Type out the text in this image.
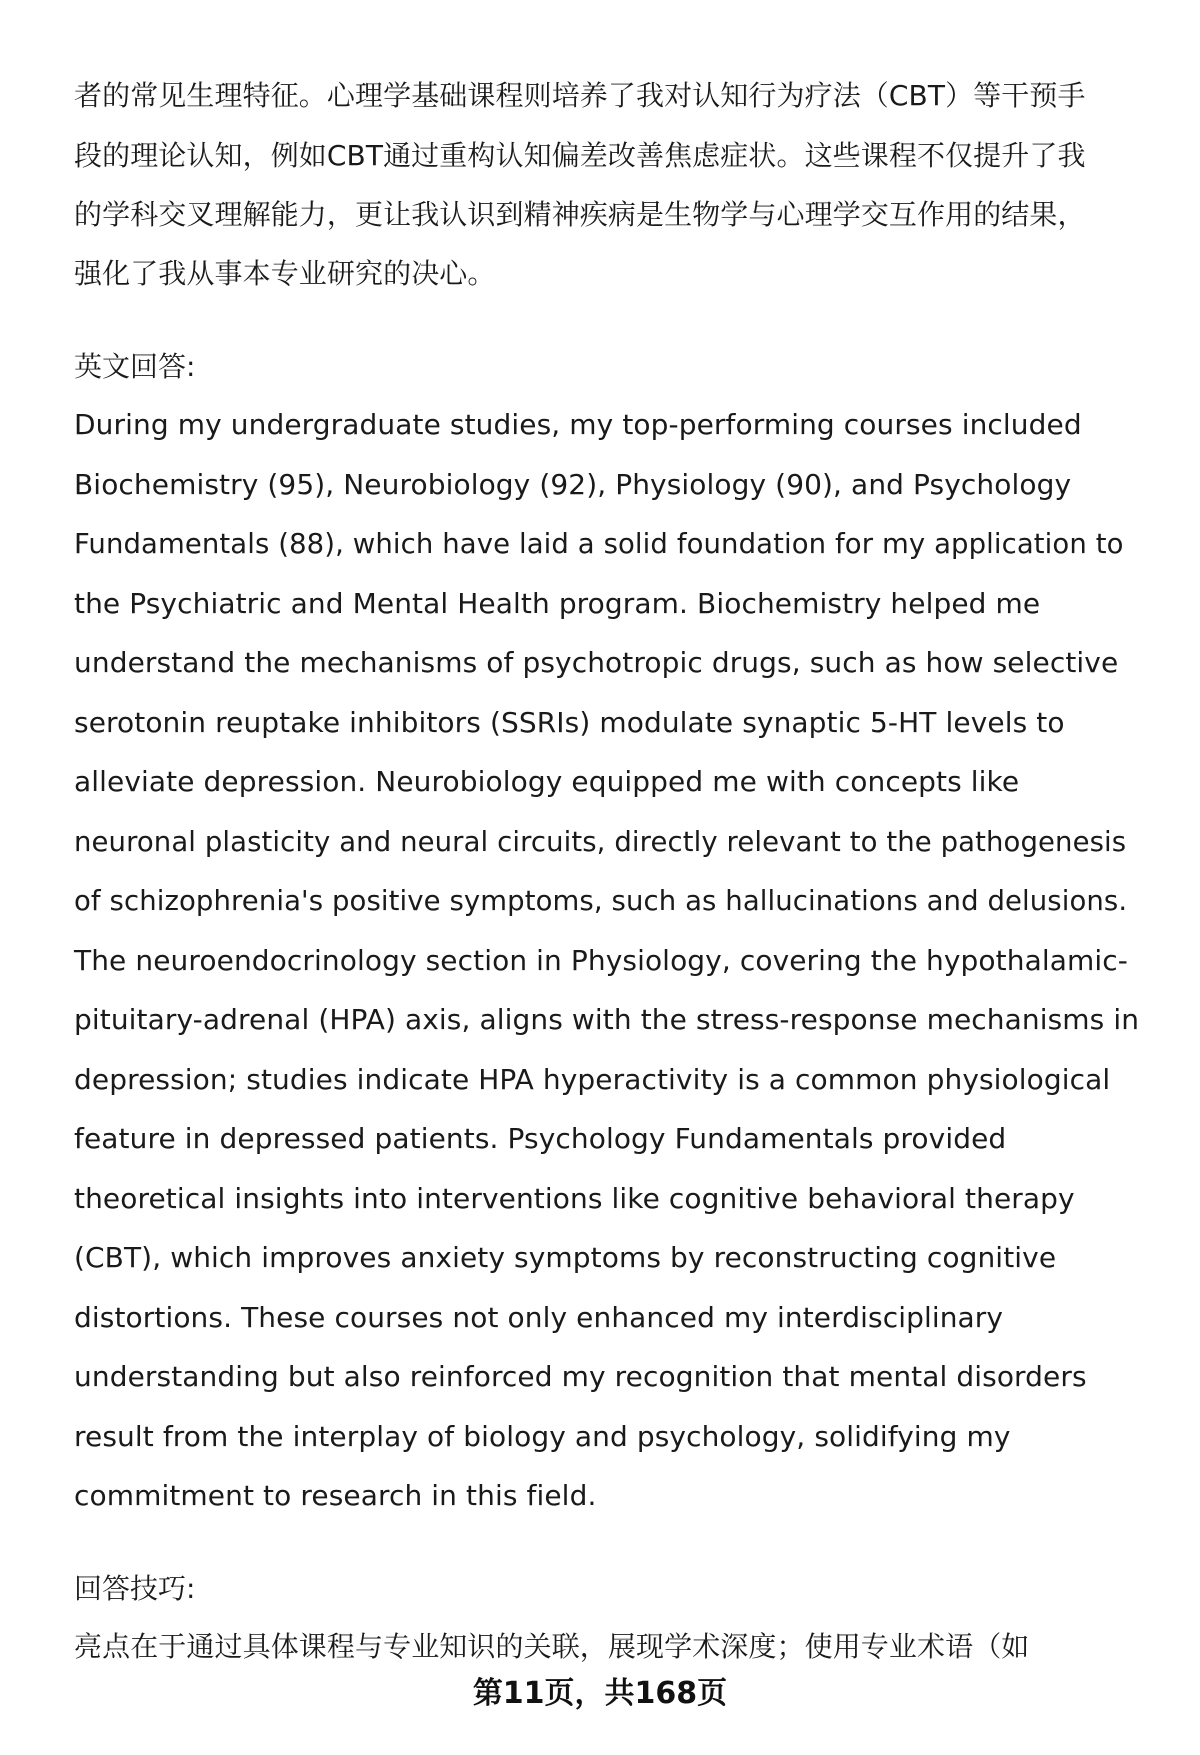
者的常见生理特征。心理学基础课程则培养了我对认知行为疗法（CBT）等干预手
段的理论认知，例如CBT通过重构认知偏差改善焦虑症状。这些课程不仅提升了我
的学科交叉理解能力，更让我认识到精神疾病是生物学与心理学交互作用的结果，
强化了我从事本专业研究的决心。
英文回答:
During my undergraduate studies, my top-performing courses included
Biochemistry (95), Neurobiology (92), Physiology (90), and Psychology
Fundamentals (88), which have laid a solid foundation for my application to
the Psychiatric and Mental Health program. Biochemistry helped me
understand the mechanisms of psychotropic drugs, such as how selective
serotonin reuptake inhibitors (SSRIs) modulate synaptic 5-HT levels to
alleviate depression. Neurobiology equipped me with concepts like
neuronal plasticity and neural circuits, directly relevant to the pathogenesis
of schizophrenia's positive symptoms, such as hallucinations and delusions.
The neuroendocrinology section in Physiology, covering the hypothalamic-
pituitary-adrenal (HPA) axis, aligns with the stress-response mechanisms in
depression; studies indicate HPA hyperactivity is a common physiological
feature in depressed patients. Psychology Fundamentals provided
theoretical insights into interventions like cognitive behavioral therapy
(CBT), which improves anxiety symptoms by reconstructing cognitive
distortions. These courses not only enhanced my interdisciplinary
understanding but also reinforced my recognition that mental disorders
result from the interplay of biology and psychology, solidifying my
commitment to research in this field.
回答技巧:
亮点在于通过具体课程与专业知识的关联，展现学术深度；使用专业术语（如
第11页，共168页
